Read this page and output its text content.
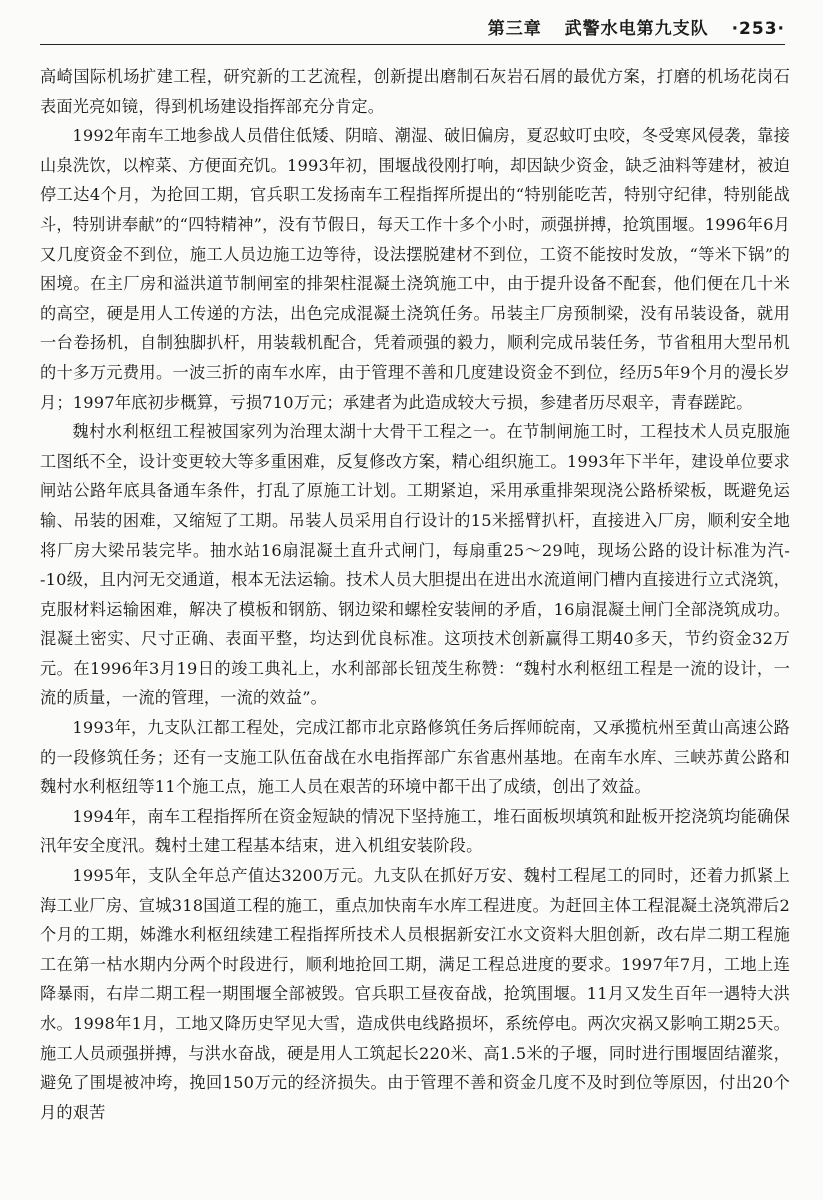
第三章 武警水电第九支队 ·253·

高崎国际机场扩建工程，研究新的工艺流程，创新提出磨制石灰岩石屑的最优方案，打磨的机场花岗石表面光亮如镜，得到机场建设指挥部充分肯定。

1992年南车工地参战人员借住低矮、阴暗、潮湿、破旧偏房，夏忍蚊叮虫咬，冬受寒风侵袭，靠接山泉洗饮，以榨菜、方便面充饥。1993年初，围堰战役刚打响，却因缺少资金，缺乏油料等建材，被迫停工达4个月，为抢回工期，官兵职工发扬南车工程指挥所提出的“特别能吃苦，特别守纪律，特别能战斗，特别讲奉献”的“四特精神”，没有节假日，每天工作十多个小时，顽强拼搏，抢筑围堰。1996年6月又几度资金不到位，施工人员边施工边等待，设法摆脱建材不到位，工资不能按时发放，“等米下锅”的困境。在主厂房和溢洪道节制闸室的排架柱混凝土浇筑施工中，由于提升设备不配套，他们便在几十米的高空，硬是用人工传递的方法，出色完成混凝土浇筑任务。吊装主厂房预制梁，没有吊装设备，就用一台卷扬机，自制独脚扒杆，用装载机配合，凭着顽强的毅力，顺利完成吊装任务，节省租用大型吊机的十多万元费用。一波三折的南车水库，由于管理不善和几度建设资金不到位，经历5年9个月的漫长岁月；1997年底初步概算，亏损710万元；承建者为此造成较大亏损，参建者历尽艰辛，青春蹉跎。

魏村水利枢纽工程被国家列为治理太湖十大骨干工程之一。在节制闸施工时，工程技术人员克服施工图纸不全，设计变更较大等多重困难，反复修改方案，精心组织施工。1993年下半年，建设单位要求闸站公路年底具备通车条件，打乱了原施工计划。工期紧迫，采用承重排架现浇公路桥梁板，既避免运输、吊装的困难，又缩短了工期。吊装人员采用自行设计的15米摇臂扒杆，直接进入厂房，顺利安全地将厂房大梁吊装完毕。抽水站16扇混凝土直升式闸门，每扇重25～29吨，现场公路的设计标准为汽--10级，且内河无交通道，根本无法运输。技术人员大胆提出在进出水流道闸门槽内直接进行立式浇筑，克服材料运输困难，解决了模板和钢筋、钢边梁和螺栓安装闸的矛盾，16扇混凝土闸门全部浇筑成功。混凝土密实、尺寸正确、表面平整，均达到优良标准。这项技术创新赢得工期40多天，节约资金32万元。在1996年3月19日的竣工典礼上，水利部部长钮茂生称赞：“魏村水利枢纽工程是一流的设计，一流的质量，一流的管理，一流的效益”。

1993年，九支队江都工程处，完成江都市北京路修筑任务后挥师皖南，又承揽杭州至黄山高速公路的一段修筑任务；还有一支施工队伍奋战在水电指挥部广东省惠州基地。在南车水库、三峡苏黄公路和魏村水利枢纽等11个施工点，施工人员在艰苦的环境中都干出了成绩，创出了效益。

1994年，南车工程指挥所在资金短缺的情况下坚持施工，堆石面板坝填筑和趾板开挖浇筑均能确保汛年安全度汛。魏村土建工程基本结束，进入机组安装阶段。

1995年，支队全年总产值达3200万元。九支队在抓好万安、魏村工程尾工的同时，还着力抓紧上海工业厂房、宣城318国道工程的施工，重点加快南车水库工程进度。为赶回主体工程混凝土浇筑滞后2个月的工期，姊潍水利枢纽续建工程指挥所技术人员根据新安江水文资料大胆创新，改右岸二期工程施工在第一枯水期内分两个时段进行，顺利地抢回工期，满足工程总进度的要求。1997年7月，工地上连降暴雨，右岸二期工程一期围堰全部被毁。官兵职工昼夜奋战，抢筑围堰。11月又发生百年一遇特大洪水。1998年1月，工地又降历史罕见大雪，造成供电线路损坏，系统停电。两次灾祸又影响工期25天。施工人员顽强拼搏，与洪水奋战，硬是用人工筑起长220米、高1.5米的子堰，同时进行围堰固结灌浆，避免了围堤被冲垮，挽回150万元的经济损失。由于管理不善和资金几度不及时到位等原因，付出20个月的艰苦
